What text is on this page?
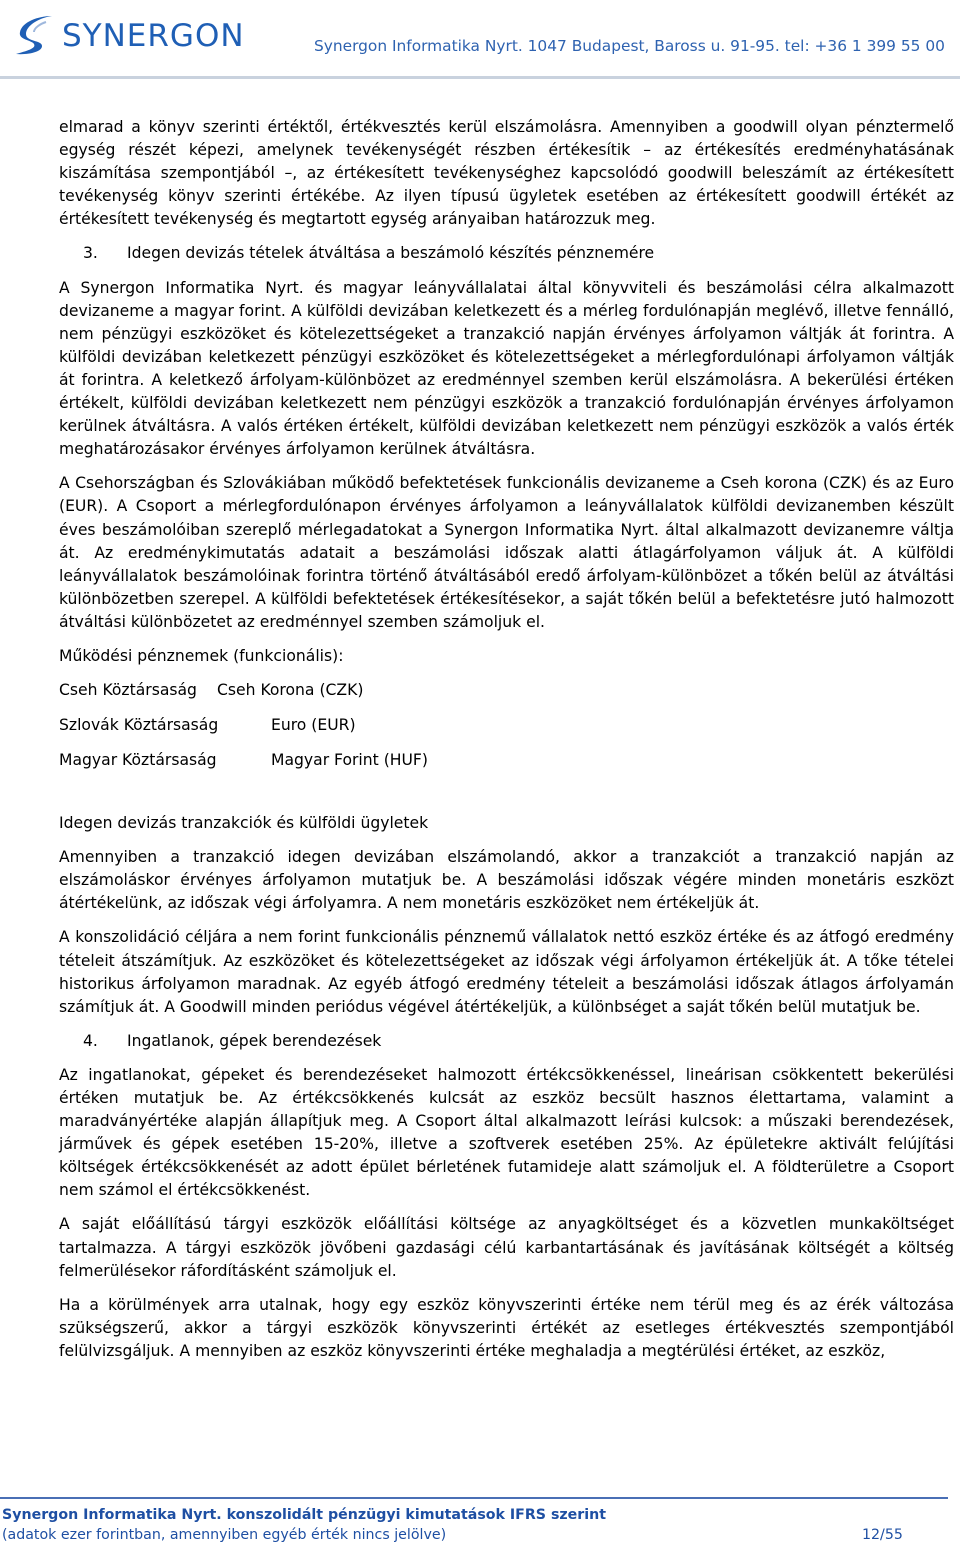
SYNERGON	Synergon Informatika Nyrt. 1047 Budapest, Baross u. 91-95. tel: +36 1 399 55 00

elmarad a könyv szerinti értéktől, értékvesztés kerül elszámolásra. Amennyiben a goodwill olyan pénztermelő egység részét képezi, amelynek tevékenységét részben értékesítik – az értékesítés eredményhatásának kiszámítása szempontjából –, az értékesített tevékenységhez kapcsolódó goodwill beleszámít az értékesített tevékenység könyv szerinti értékébe. Az ilyen típusú ügyletek esetében az értékesített goodwill értékét az értékesített tevékenység és megtartott egység arányaiban határozzuk meg.

3. Idegen devizás tételek átváltása a beszámoló készítés pénznemére

A Synergon Informatika Nyrt. és magyar leányvállalatai által könyvviteli és beszámolási célra alkalmazott devizaneme a magyar forint. A külföldi devizában keletkezett és a mérleg fordulónapján meglévő, illetve fennálló, nem pénzügyi eszközöket és kötelezettségeket a tranzakció napján érvényes árfolyamon váltják át forintra. A külföldi devizában keletkezett pénzügyi eszközöket és kötelezettségeket a mérlegfordulónapi árfolyamon váltják át forintra. A keletkező árfolyam-különbözet az eredménnyel szemben kerül elszámolásra. A bekerülési értéken értékelt, külföldi devizában keletkezett nem pénzügyi eszközök a tranzakció fordulónapján érvényes árfolyamon kerülnek átváltásra. A valós értéken értékelt, külföldi devizában keletkezett nem pénzügyi eszközök a valós érték meghatározásakor érvényes árfolyamon kerülnek átváltásra.

A Csehországban és Szlovákiában működő befektetések funkcionális devizaneme a Cseh korona (CZK) és az Euro (EUR). A Csoport a mérlegfordulónapon érvényes árfolyamon a leányvállalatok külföldi devizanemben készült éves beszámolóiban szereplő mérlegadatokat a Synergon Informatika Nyrt. által alkalmazott devizanemre váltja át. Az eredménykimutatás adatait a beszámolási időszak alatti átlagárfolyamon váljuk át. A külföldi leányvállalatok beszámolóinak forintra történő átváltásából eredő árfolyam-különbözet a tőkén belül az átváltási különbözetben szerepel. A külföldi befektetések értékesítésekor, a saját tőkén belül a befektetésre jutó halmozott átváltási különbözetet az eredménnyel szemben számoljuk el.

Működési pénznemek (funkcionális):

Cseh Köztársaság	Cseh Korona (CZK)
Szlovák Köztársaság	Euro (EUR)
Magyar Köztársaság	Magyar Forint (HUF)

Idegen devizás tranzakciók és külföldi ügyletek

Amennyiben a tranzakció idegen devizában elszámolandó, akkor a tranzakciót a tranzakció napján az elszámoláskor érvényes árfolyamon mutatjuk be. A beszámolási időszak végére minden monetáris eszközt átértékelünk, az időszak végi árfolyamra. A nem monetáris eszközöket nem értékeljük át.

A konszolidáció céljára a nem forint funkcionális pénznemű vállalatok nettó eszköz értéke és az átfogó eredmény tételeit átszámítjuk. Az eszközöket és kötelezettségeket az időszak végi árfolyamon értékeljük át. A tőke tételei historikus árfolyamon maradnak. Az egyéb átfogó eredmény tételeit a beszámolási időszak átlagos árfolyamán számítjuk át. A Goodwill minden periódus végével átértékeljük, a különbséget a saját tőkén belül mutatjuk be.

4. Ingatlanok, gépek berendezések

Az ingatlanokat, gépeket és berendezéseket halmozott értékcsökkenéssel, lineárisan csökkentett bekerülési értéken mutatjuk be. Az értékcsökkenés kulcsát az eszköz becsült hasznos élettartama, valamint a maradványértéke alapján állapítjuk meg. A Csoport által alkalmazott leírási kulcsok: a műszaki berendezések, járművek és gépek esetében 15-20%, illetve a szoftverek esetében 25%. Az épületekre aktivált felújítási költségek értékcsökkenését az adott épület bérletének futamideje alatt számoljuk el. A földterületre a Csoport nem számol el értékcsökkenést.

A saját előállítású tárgyi eszközök előállítási költsége az anyagköltséget és a közvetlen munkaköltséget tartalmazza. A tárgyi eszközök jövőbeni gazdasági célú karbantartásának és javításának költségét a költség felmerülésekor ráfordításként számoljuk el.

Ha a körülmények arra utalnak, hogy egy eszköz könyvszerinti értéke nem térül meg és az érék változása szükségszerű, akkor a tárgyi eszközök könyvszerinti értékét az esetleges értékvesztés szempontjából felülvizsgáljuk. A mennyiben az eszköz könyvszerinti értéke meghaladja a megtérülési értéket, az eszköz,

Synergon Informatika Nyrt. konszolidált pénzügyi kimutatások IFRS szerint
(adatok ezer forintban, amennyiben egyéb érték nincs jelölve)	12/55
